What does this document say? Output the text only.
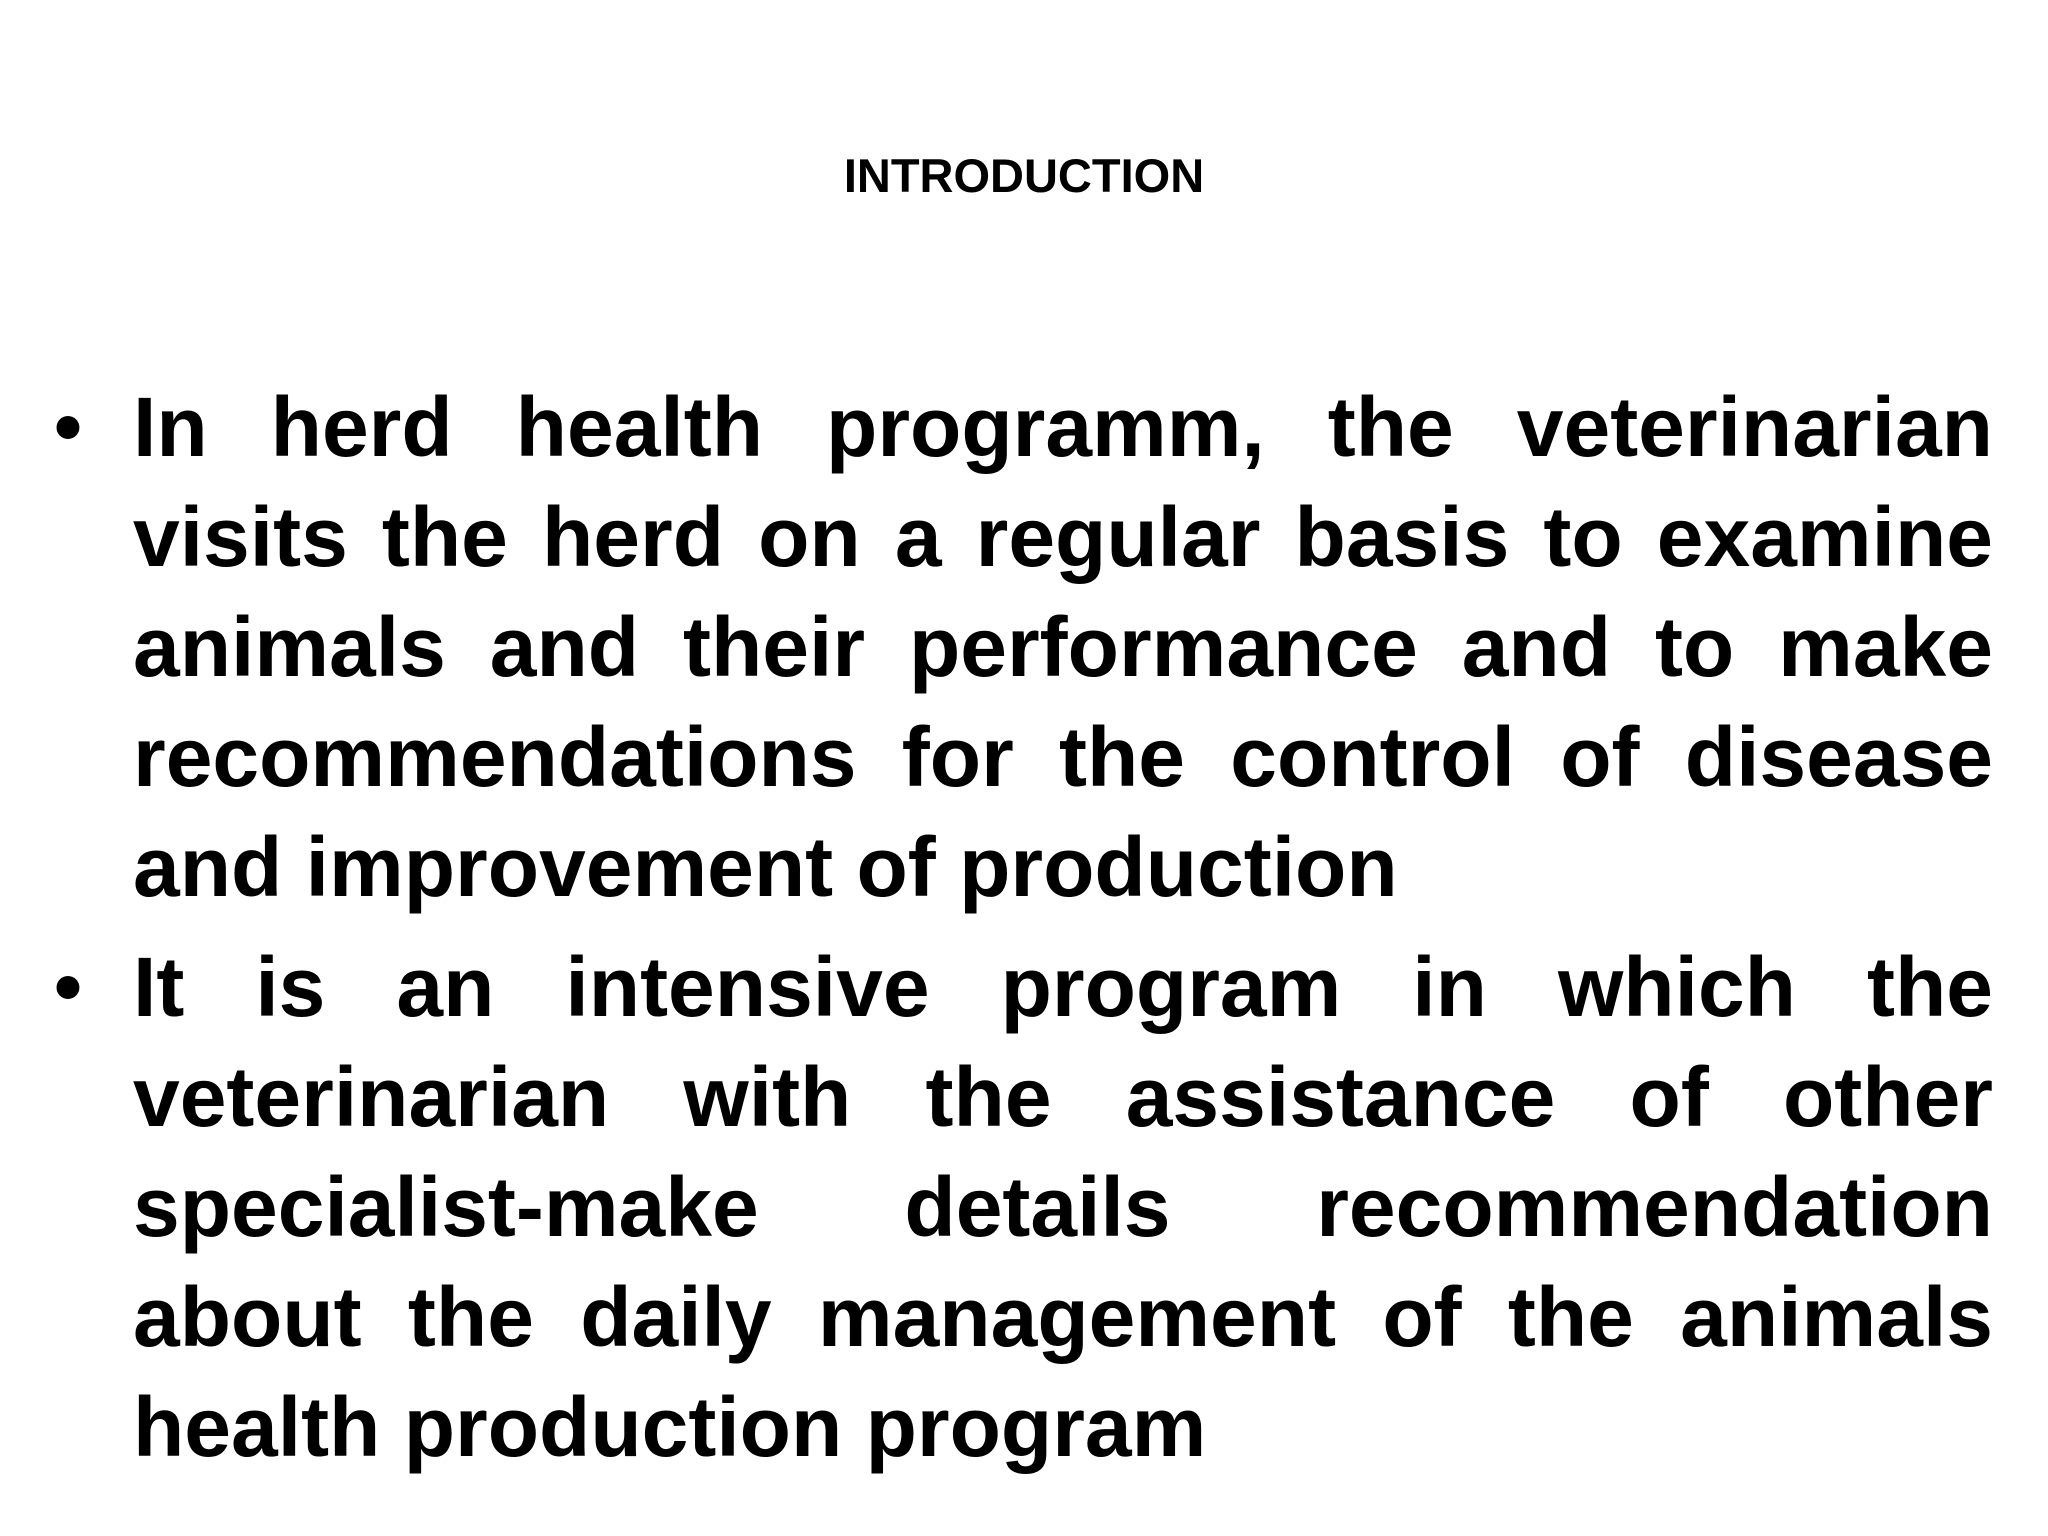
INTRODUCTION
• In herd health programm, the veterinarian visits the herd on a regular basis to examine animals and their performance and to make recommendations for the control of disease and improvement of production
• It is an intensive program in which the veterinarian with the assistance of other specialist-make details recommendation about the daily management of the animals health production program
